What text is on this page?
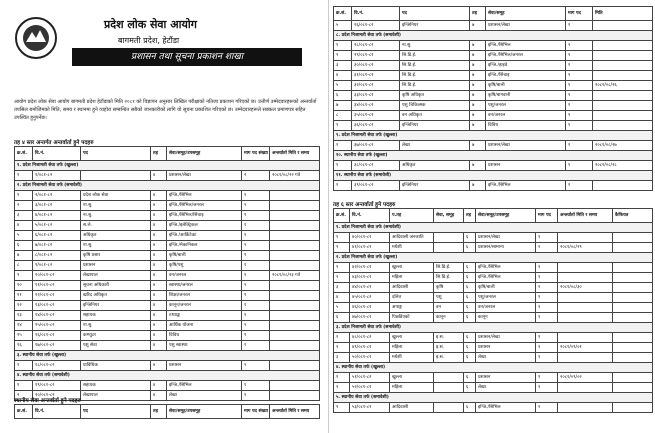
प्रदेश लोक सेवा आयोग
बागमती प्रदेश, हेटौंडा
प्रशासन तथा सूचना प्रकाशन शाखा
आयोग प्रदेश लोक सेवा आयोग बागमती प्रदेश हेटौंडाको मिति २०८१ को विज्ञापन अनुसार लिखित परीक्षाको नतिजा प्रकाशन गरिएको छ। उत्तीर्ण उम्मेदवारहरूको अन्तर्वार्ता तपसिल बमोजिमको मिति, समय र स्थानमा हुने व्यहोरा सम्बन्धित सबैको जानकारीको लागि यो सूचना प्रकाशित गरिएको छ। उम्मेदवारहरूले सक्कल प्रमाणपत्र सहित उपस्थित हुनुपर्नेछ।
तह ४ स्तर अन्तर्गत अन्तर्वार्ता हुने पदहरु
क्र.सं.	वि.नं.	पद	तह	सेवा/समूह/उपसमूह	माग पद संख्या	अन्तर्वार्ता मिति र समय
१. प्रदेश निजामती सेवा तर्फ (खुल्ला)						
१	१/०८१-८२		४	प्रशासन/लेखा	२	२०८१/०८/२२ गते
२. प्रदेश निजामती सेवा तर्फ (समावेशी)						
१	२/०८१-८२	प्रदेश लोक सेवा	४	इन्जि./सिभिल	१	
२	३/०८१-८२	ना.सु.	४	इन्जि./सिभिल/जनरल	१	
३	४/०८१-८२	ना.सु.	४	इन्जि./सिभिल/सिंचाइ	१	
४	५/०८१-८२	स.ले.	४	इन्जि./इलेक्ट्रिकल	१	
५	६/०८१-८२	अधिकृत	४	इन्जि./आर्किटेक्ट	१	
६	७/०८१-८२	ना.सु.	४	इन्जि./मेकानिकल	१	
७	८/०८१-८२	कृषि प्रसार	४	कृषि/बाली	१	
८	९/०८१-८२	प्रशासन	४	कृषि/पशु	१	
९	१०/०८१-८२	लेखापाल	४	वन/जनरल	१	२०८१/०८/२३ गते
१०	११/०८१-८२	सूचना अधिकारी	४	स्वास्थ्य/जनरल	१	
११	१२/०८१-८२	खरिद अधिकृत	४	शिक्षा/जनरल	१	
१२	१३/०८१-८२	इन्जिनियर	४	कानून/जनरल	१	
१३	१४/०८१-८२	सहायक	४	तथ्याङ्क	१	
१४	१५/०८१-८२	ना.सु.	४	आर्थिक योजना	१	
१५	१६/०८१-८२	कम्प्युटर	४	विविध	१	
१६	१७/०८१-८२	पशु सेवा	४	पशु स्वास्थ्य	१	
३. स्थानीय सेवा तर्फ (खुल्ला)						
१	१८/०८१-८२	प्राविधिक	४	प्रशासन	१	
४. स्थानीय सेवा तर्फ (समावेशी)						
१	१९/०८१-८२	सहायक	४	इन्जि./सिभिल	१	
२	२०/०८१-८२	लेखापाल	४	लेखा	१	
स्थानीय सेवा अन्तर्वार्ता हुने पदहरु
क्र.सं.	वि.नं.	पद	तह	सेवा/समूह/उपसमूह	माग पद संख्या	अन्तर्वार्ता मिति र समय
क्र.सं.	वि.नं.	पद	तह	सेवा/समूह	माग पद	मिति
५	१६/०८१-८२	इन्जिनियर	७	प्रशासन/लेखा	१	
८. प्रदेश निजामती सेवा तर्फ (समावेशी)						
१	२८/०८१-८२	ना.सु.	७	इन्जि./सिभिल	२	
२	२९/०८१-८२	सि.डि.ई.	७	इन्जि./सिभिल/जनरल	१	
३	३०/०८१-८२	सि.डि.ई.	७	इन्जि./हाइवे	१	
४	३१/०८१-८२	सि.डि.ई.	७	इन्जि./सिंचाइ	१	
५	३२/०८१-८२	सि.डि.ई.	७	कृषि/बाली	१	२०८१/०८/२६
६	३३/०८१-८२	कृषि अधिकृत	७	कृषि/बागवानी	१	
७	३४/०८१-८२	पशु चिकित्सक	७	पशु/जनरल	१	
८	३५/०८१-८२	वन अधिकृत	७	वन/जनरल	१	
९	३६/०८१-८२	इन्जिनियर	७	विविध	१	
९. प्रदेश निजामती सेवा तर्फ (खुल्ला)						
१	३७/०८१-८२	लेखा	७	प्रशासन/लेखा	१	२०८१/०८/२७
१०. स्थानीय सेवा तर्फ (खुल्ला)						
१	३८/०८१-८२	अधिकृत	७	प्रशासन	१	२०८१/०८/२८
११. स्थानीय सेवा तर्फ (समावेशी)						
१	३९/०८१-८२	इन्जिनियर	७	इन्जि./सिभिल	१	
तह ६ स्तर अन्तर्वार्ता हुने पदहरु
क्र.सं.	वि.नं.	प.तह	सेवा, समूह	तह	सेवा/समूह/उपसमूह	माग पद	अन्तर्वार्ता मिति र समय	कैफियत
१. प्रदेश निजामती सेवा तर्फ (समावेशी)								
१	४०/०८१-८२	आदिवासी जनजाति		६	प्रशासन/लेखा	१		
२	४१/०८१-८२	मधेशी		६	प्रशासन/सामान्य	१	२०८१/०८/२९	
२. प्रदेश निजामती सेवा तर्फ (खुल्ला)								
१	४२/०८१-८२	खुल्ला	सि.डि.ई.	६	इन्जि./सिभिल	१		
२	४३/०८१-८२	महिला	सि.डि.ई.	६	इन्जि./सिभिल	१		
३	४४/०८१-८२	आदिवासी	कृषि	६	कृषि/बाली	१	२०८१/०८/३०	
४	४५/०८१-८२	दलित	पशु	६	पशु/जनरल	१		
५	४६/०८१-८२	अपाङ्ग	वन	६	वन/जनरल	१		
६	४७/०८१-८२	पिछडिएको	कानून	६	कानून	१		
३. प्रदेश निजामती सेवा तर्फ (समावेशी)								
१	४८/०८१-८२	खुल्ला	इ.स.	६	प्रशासन/लेखा	१		
२	४९/०८१-८२	महिला	इ.स.	६	प्रशासन	१	२०८१/०९/०१	
३	५०/०८१-८२	मधेशी	इ.स.	६	लेखा	१		
४. स्थानीय सेवा तर्फ (खुल्ला)								
१	५१/०८१-८२	खुल्ला		६	प्रशासन	१	२०८१/०९/०२	
२	५२/०८१-८२	महिला		६	लेखा	१		
५. स्थानीय सेवा तर्फ (समावेशी)								
१	५३/०८१-८२	आदिवासी		६	इन्जि./सिभिल	१		
